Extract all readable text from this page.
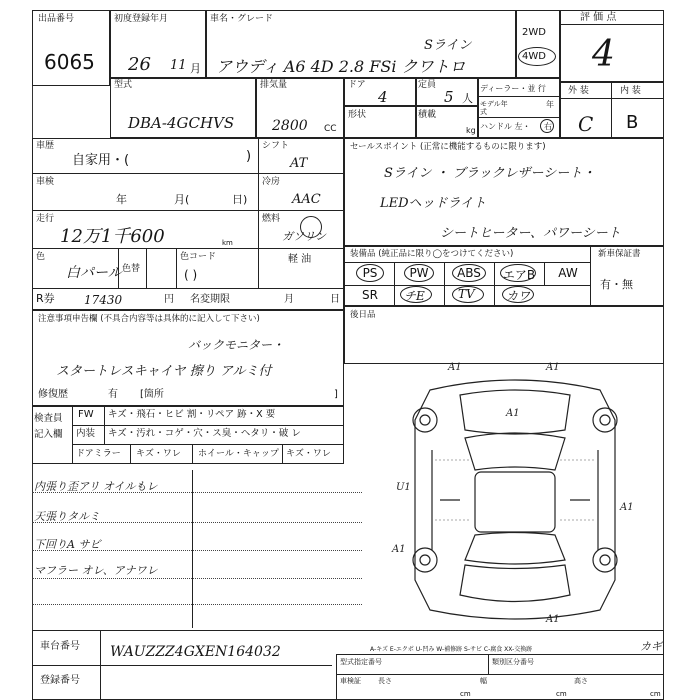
出品番号
6065
初度登録年月
26 11 月
車名・グレード
Sライン
アウディ A6 4D 2.8 FSi クワトロ
2WD
4WD
評 価 点
4
型式
DBA-4GCHVS
排気量
2800 CC
ドア
4
定員
5 人
形状	積載
kg
ディーラー・並 行
モデル年式
年
ハンドル 左・ 右
外 装	内 装
C B
車歴
自家用・(	)
シフト
AT
車検
年	月(	日)
冷房
AAC
走行
12万1千600	km
燃料
ガソリン
軽 油
色
白パール 色替
色コード
( )
R券 17430	円 名変期限	月	日
セールスポイント (正常に機能するものに限ります)
Sライン ・ ブラックレザーシート・
LEDヘッドライト
シートヒーター、パワーシート
装備品 (純正品に限り◯をつけてください)	新車保証書
有・無
PS	PW	ABS	エアB	AW
SR	チE	TV	カワ
後日品
注意事項申告欄 (不具合内容等は具体的に記入して下さい)
バックモニター・
スタートレスキャイヤ 擦り アルミ付
修復歴	有 [箇所	]
検査員
記入欄
FW キズ・飛石・ヒビ 割・リペア 跡・X 要
内装 キズ・汚れ・コゲ・穴・ス臭・ヘタリ・破 レ
ドアミラー キズ・ワレ ホイール・キャップ キズ・ワレ
内張り歪アリ オイルもレ
天張りタルミ
下回りA サビ
マフラー オレ、アナワレ
A1	A1
A1
U1
A1
A1
A1
A-キズ E-エクボ U-凹み W-補修跡 S-サビ C-腐食 XX-交換跡	カギ
車台番号 WAUZZZ4GXEN164032
登録番号
型式指定番号	類別区分番号
車検証 長さ
cm
幅
cm
高さ
cm
